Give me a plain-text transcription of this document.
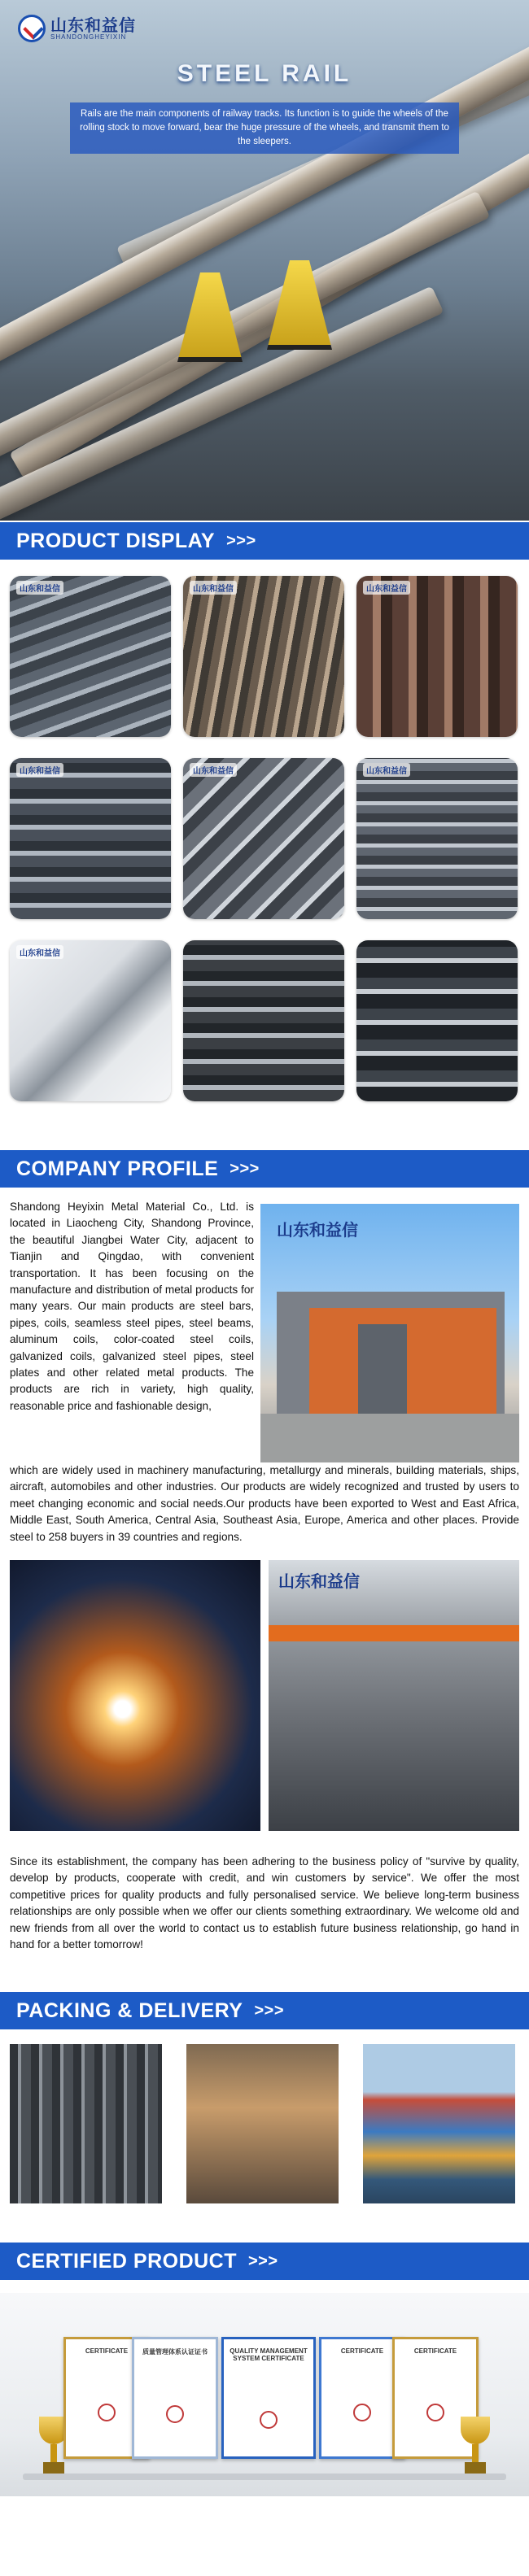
山东和益信
SHANDONGHEYIXIN
STEEL RAIL
Rails are the main components of railway tracks. Its function is to guide the wheels of the rolling stock to move forward, bear the huge pressure of the wheels, and transmit them to the sleepers.
PRODUCT DISPLAY >>>
山东和益信	山东和益信	山东和益信
山东和益信	山东和益信	山东和益信
山东和益信
COMPANY PROFILE >>>

Shandong Heyixin Metal Material Co., Ltd. is located in Liaocheng City, Shandong Province, the beautiful Jiangbei Water City, adjacent to Tianjin and Qingdao, with convenient transportation. It has been focusing on the manufacture and distribution of metal products for many years. Our main products are steel bars, pipes, coils, seamless steel pipes, steel beams, aluminum coils, color-coated steel coils, galvanized coils, galvanized steel pipes, steel plates and other related metal products. The products are rich in variety, high quality, reasonable price and fashionable design,

山东和益信

which are widely used in machinery manufacturing, metallurgy and minerals, building materials, ships, aircraft, automobiles and other industries. Our products are widely recognized and trusted by users to meet changing economic and social needs.Our products have been exported to West and East Africa, Middle East, South America, Central Asia, Southeast Asia, Europe, America and other places. Provide steel to 258 buyers in 39 countries and regions.

山东和益信

Since its establishment, the company has been adhering to the business policy of "survive by quality, develop by products, cooperate with credit, and win customers by service". We offer the most competitive prices for quality products and fully personalised service. We believe long-term business relationships are only possible when we offer our clients something extraordinary. We welcome old and new friends from all over the world to contact us to establish future business relationship, go hand in hand for a better tomorrow!

PACKING & DELIVERY >>>
CERTIFIED PRODUCT >>>
CERTIFICATE	质量管理体系认证证书	QUALITY MANAGEMENT SYSTEM CERTIFICATE
CERTIFICATE	CERTIFICATE
